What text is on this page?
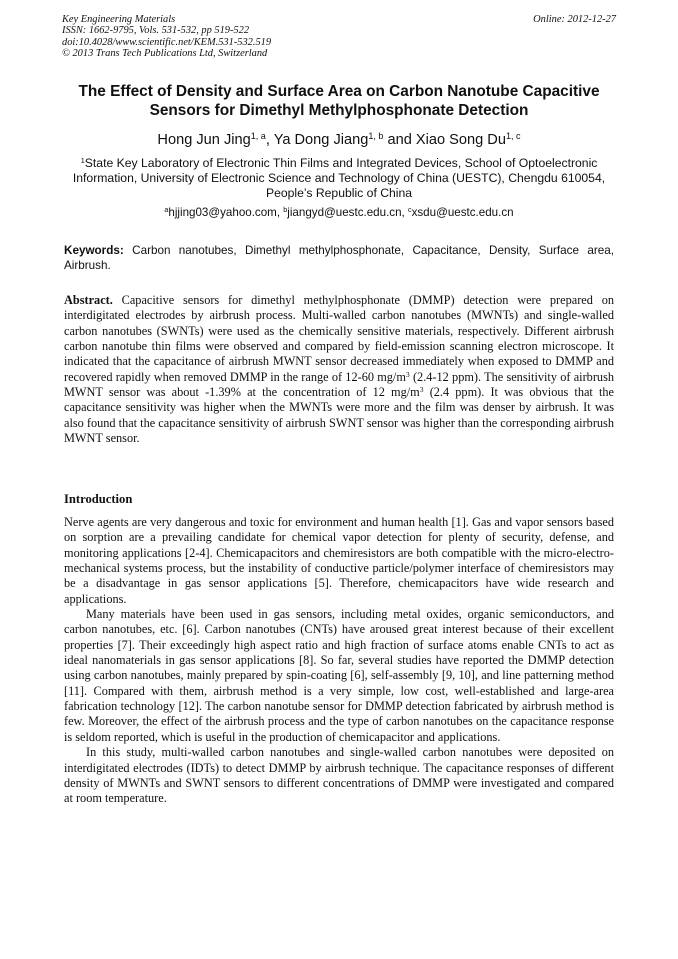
Key Engineering Materials
ISSN: 1662-9795, Vols. 531-532, pp 519-522
doi:10.4028/www.scientific.net/KEM.531-532.519
© 2013 Trans Tech Publications Ltd, Switzerland
Online: 2012-12-27
The Effect of Density and Surface Area on Carbon Nanotube Capacitive
Sensors for Dimethyl Methylphosphonate Detection
Hong Jun Jing$^{1, a}$, Ya Dong Jiang$^{1, b}$ and Xiao Song Du$^{1, c}$
$^1$State Key Laboratory of Electronic Thin Films and Integrated Devices, School of Optoelectronic
Information, University of Electronic Science and Technology of China (UESTC), Chengdu 610054,
People’s Republic of China
$^a$hjjing03@yahoo.com, $^b$jiangyd@uestc.edu.cn, $^c$xsdu@uestc.edu.cn
Keywords: Carbon nanotubes, Dimethyl methylphosphonate, Capacitance, Density, Surface area, Airbrush.
Abstract. Capacitive sensors for dimethyl methylphosphonate (DMMP) detection were prepared on interdigitated electrodes by airbrush process. Multi-walled carbon nanotubes (MWNTs) and single-walled carbon nanotubes (SWNTs) were used as the chemically sensitive materials, respectively. Different airbrush carbon nanotube thin films were observed and compared by field-emission scanning electron microscope. It indicated that the capacitance of airbrush MWNT sensor decreased immediately when exposed to DMMP and recovered rapidly when removed DMMP in the range of 12-60 $mg/m^3$ (2.4-12 ppm). The sensitivity of airbrush MWNT sensor was about -1.39% at the concentration of 12 $mg/m^3$ (2.4 ppm). It was obvious that the capacitance sensitivity was higher when the MWNTs were more and the film was denser by airbrush. It was also found that the capacitance sensitivity of airbrush SWNT sensor was higher than the corresponding airbrush MWNT sensor.
Introduction

Nerve agents are very dangerous and toxic for environment and human health [1]. Gas and vapor sensors based on sorption are a prevailing candidate for chemical vapor detection for plenty of security, defense, and monitoring applications [2-4]. Chemicapacitors and chemiresistors are both compatible with the micro-electro-mechanical systems process, but the instability of conductive particle/polymer interface of chemiresistors may be a disadvantage in gas sensor applications [5]. Therefore, chemicapacitors have wide research and applications.

Many materials have been used in gas sensors, including metal oxides, organic semiconductors, and carbon nanotubes, etc. [6]. Carbon nanotubes (CNTs) have aroused great interest because of their excellent properties [7]. Their exceedingly high aspect ratio and high fraction of surface atoms enable CNTs to act as ideal nanomaterials in gas sensor applications [8]. So far, several studies have reported the DMMP detection using carbon nanotubes, mainly prepared by spin-coating [6], self-assembly [9, 10], and line patterning method [11]. Compared with them, airbrush method is a very simple, low cost, well-established and large-area fabrication technology [12]. The carbon nanotube sensor for DMMP detection fabricated by airbrush method is few. Moreover, the effect of the airbrush process and the type of carbon nanotubes on the capacitance response is seldom reported, which is useful in the production of chemicapacitor and applications.

In this study, multi-walled carbon nanotubes and single-walled carbon nanotubes were deposited on interdigitated electrodes (IDTs) to detect DMMP by airbrush technique. The capacitance responses of different density of MWNTs and SWNT sensors to different concentrations of DMMP were investigated and compared at room temperature.
